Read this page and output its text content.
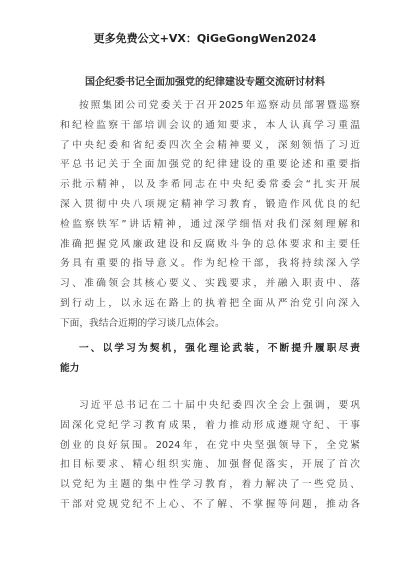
更多免费公文+VX：QiGeGongWen2024
国企纪委书记全面加强党的纪律建设专题交流研讨材料
按照集团公司党委关于召开2025年巡察动员部署暨巡察
和纪检监察干部培训会议的通知要求，本人认真学习重温
了中央纪委和省纪委四次全会精神要义，深刻领悟了习近
平总书记关于全面加强党的纪律建设的重要论述和重要指
示批示精神，以及李希同志在中央纪委常委会“扎实开展
深入贯彻中央八项规定精神学习教育，锻造作风优良的纪
检监察铁军”讲话精神，通过深学细悟对我们深刻理解和
准确把握党风廉政建设和反腐败斗争的总体要求和主要任
务具有重要的指导意义。作为纪检干部，我将持续深入学
习、准确领会其核心要义、实践要求，并融入职责中、落
到行动上，以永远在路上的执着把全面从严治党引向深入
下面，我结合近期的学习谈几点体会。
一、以学习为契机，强化理论武装，不断提升履职尽责
能力
习近平总书记在二十届中央纪委四次全会上强调，要巩
固深化党纪学习教育成果，着力推动形成遵规守纪、干事
创业的良好氛围。2024年，在党中央坚强领导下，全党紧
扣目标要求、精心组织实施、加强督促落实，开展了首次
以党纪为主题的集中性学习教育，着力解决了一些党员、
干部对党规党纪不上心、不了解、不掌握等问题，推动各
